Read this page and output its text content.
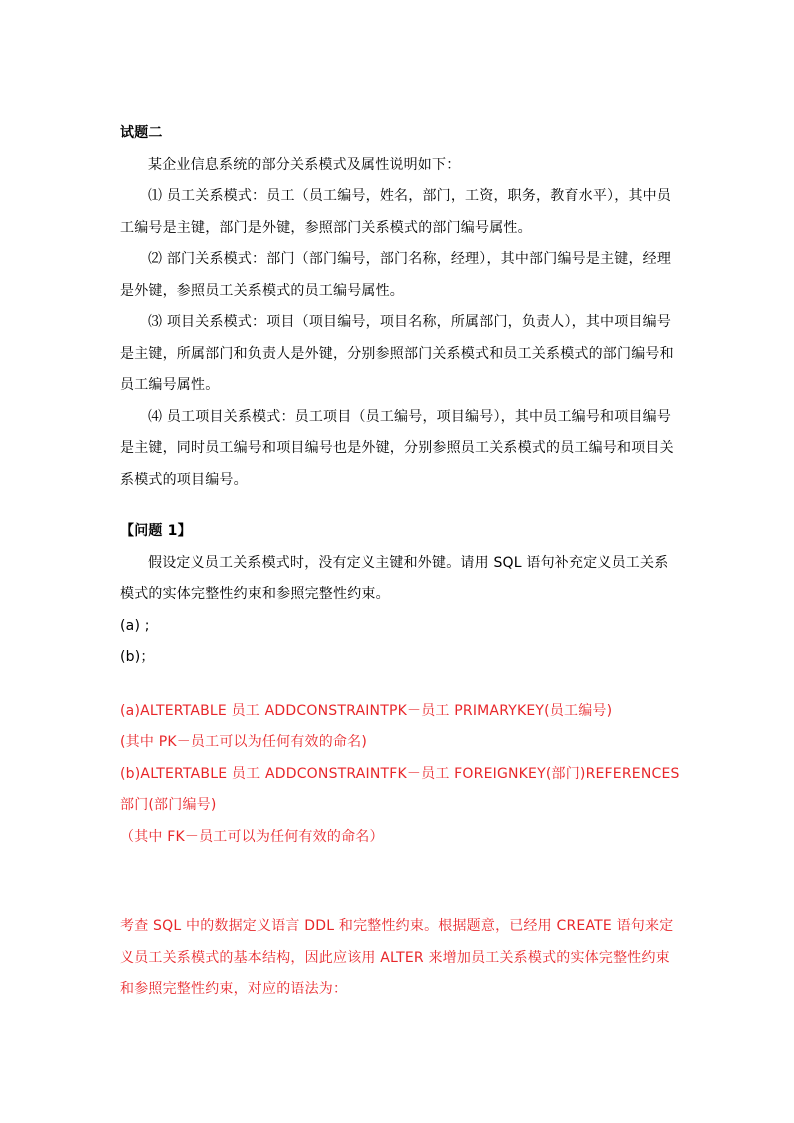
试题二

某企业信息系统的部分关系模式及属性说明如下：

⑴ 员工关系模式：员工（员工编号，姓名，部门，工资，职务，教育水平），其中员工编号是主键，部门是外键，参照部门关系模式的部门编号属性。

⑵ 部门关系模式：部门（部门编号，部门名称，经理），其中部门编号是主键，经理是外键，参照员工关系模式的员工编号属性。

⑶ 项目关系模式：项目（项目编号，项目名称，所属部门，负责人），其中项目编号是主键，所属部门和负责人是外键，分别参照部门关系模式和员工关系模式的部门编号和员工编号属性。

⑷ 员工项目关系模式：员工项目（员工编号，项目编号），其中员工编号和项目编号是主键，同时员工编号和项目编号也是外键，分别参照员工关系模式的员工编号和项目关系模式的项目编号。

【问题 1】

假设定义员工关系模式时，没有定义主键和外键。请用 SQL 语句补充定义员工关系模式的实体完整性约束和参照完整性约束。

(a) ;

(b)；

(a)ALTERTABLE 员工 ADDCONSTRAINTPK－员工 PRIMARYKEY(员工编号)

(其中 PK－员工可以为任何有效的命名)

(b)ALTERTABLE 员工 ADDCONSTRAINTFK－员工 FOREIGNKEY(部门)REFERENCES 部门(部门编号)

（其中 FK－员工可以为任何有效的命名）

考查 SQL 中的数据定义语言 DDL 和完整性约束。根据题意，已经用 CREATE 语句来定义员工关系模式的基本结构，因此应该用 ALTER 来增加员工关系模式的实体完整性约束和参照完整性约束，对应的语法为：
